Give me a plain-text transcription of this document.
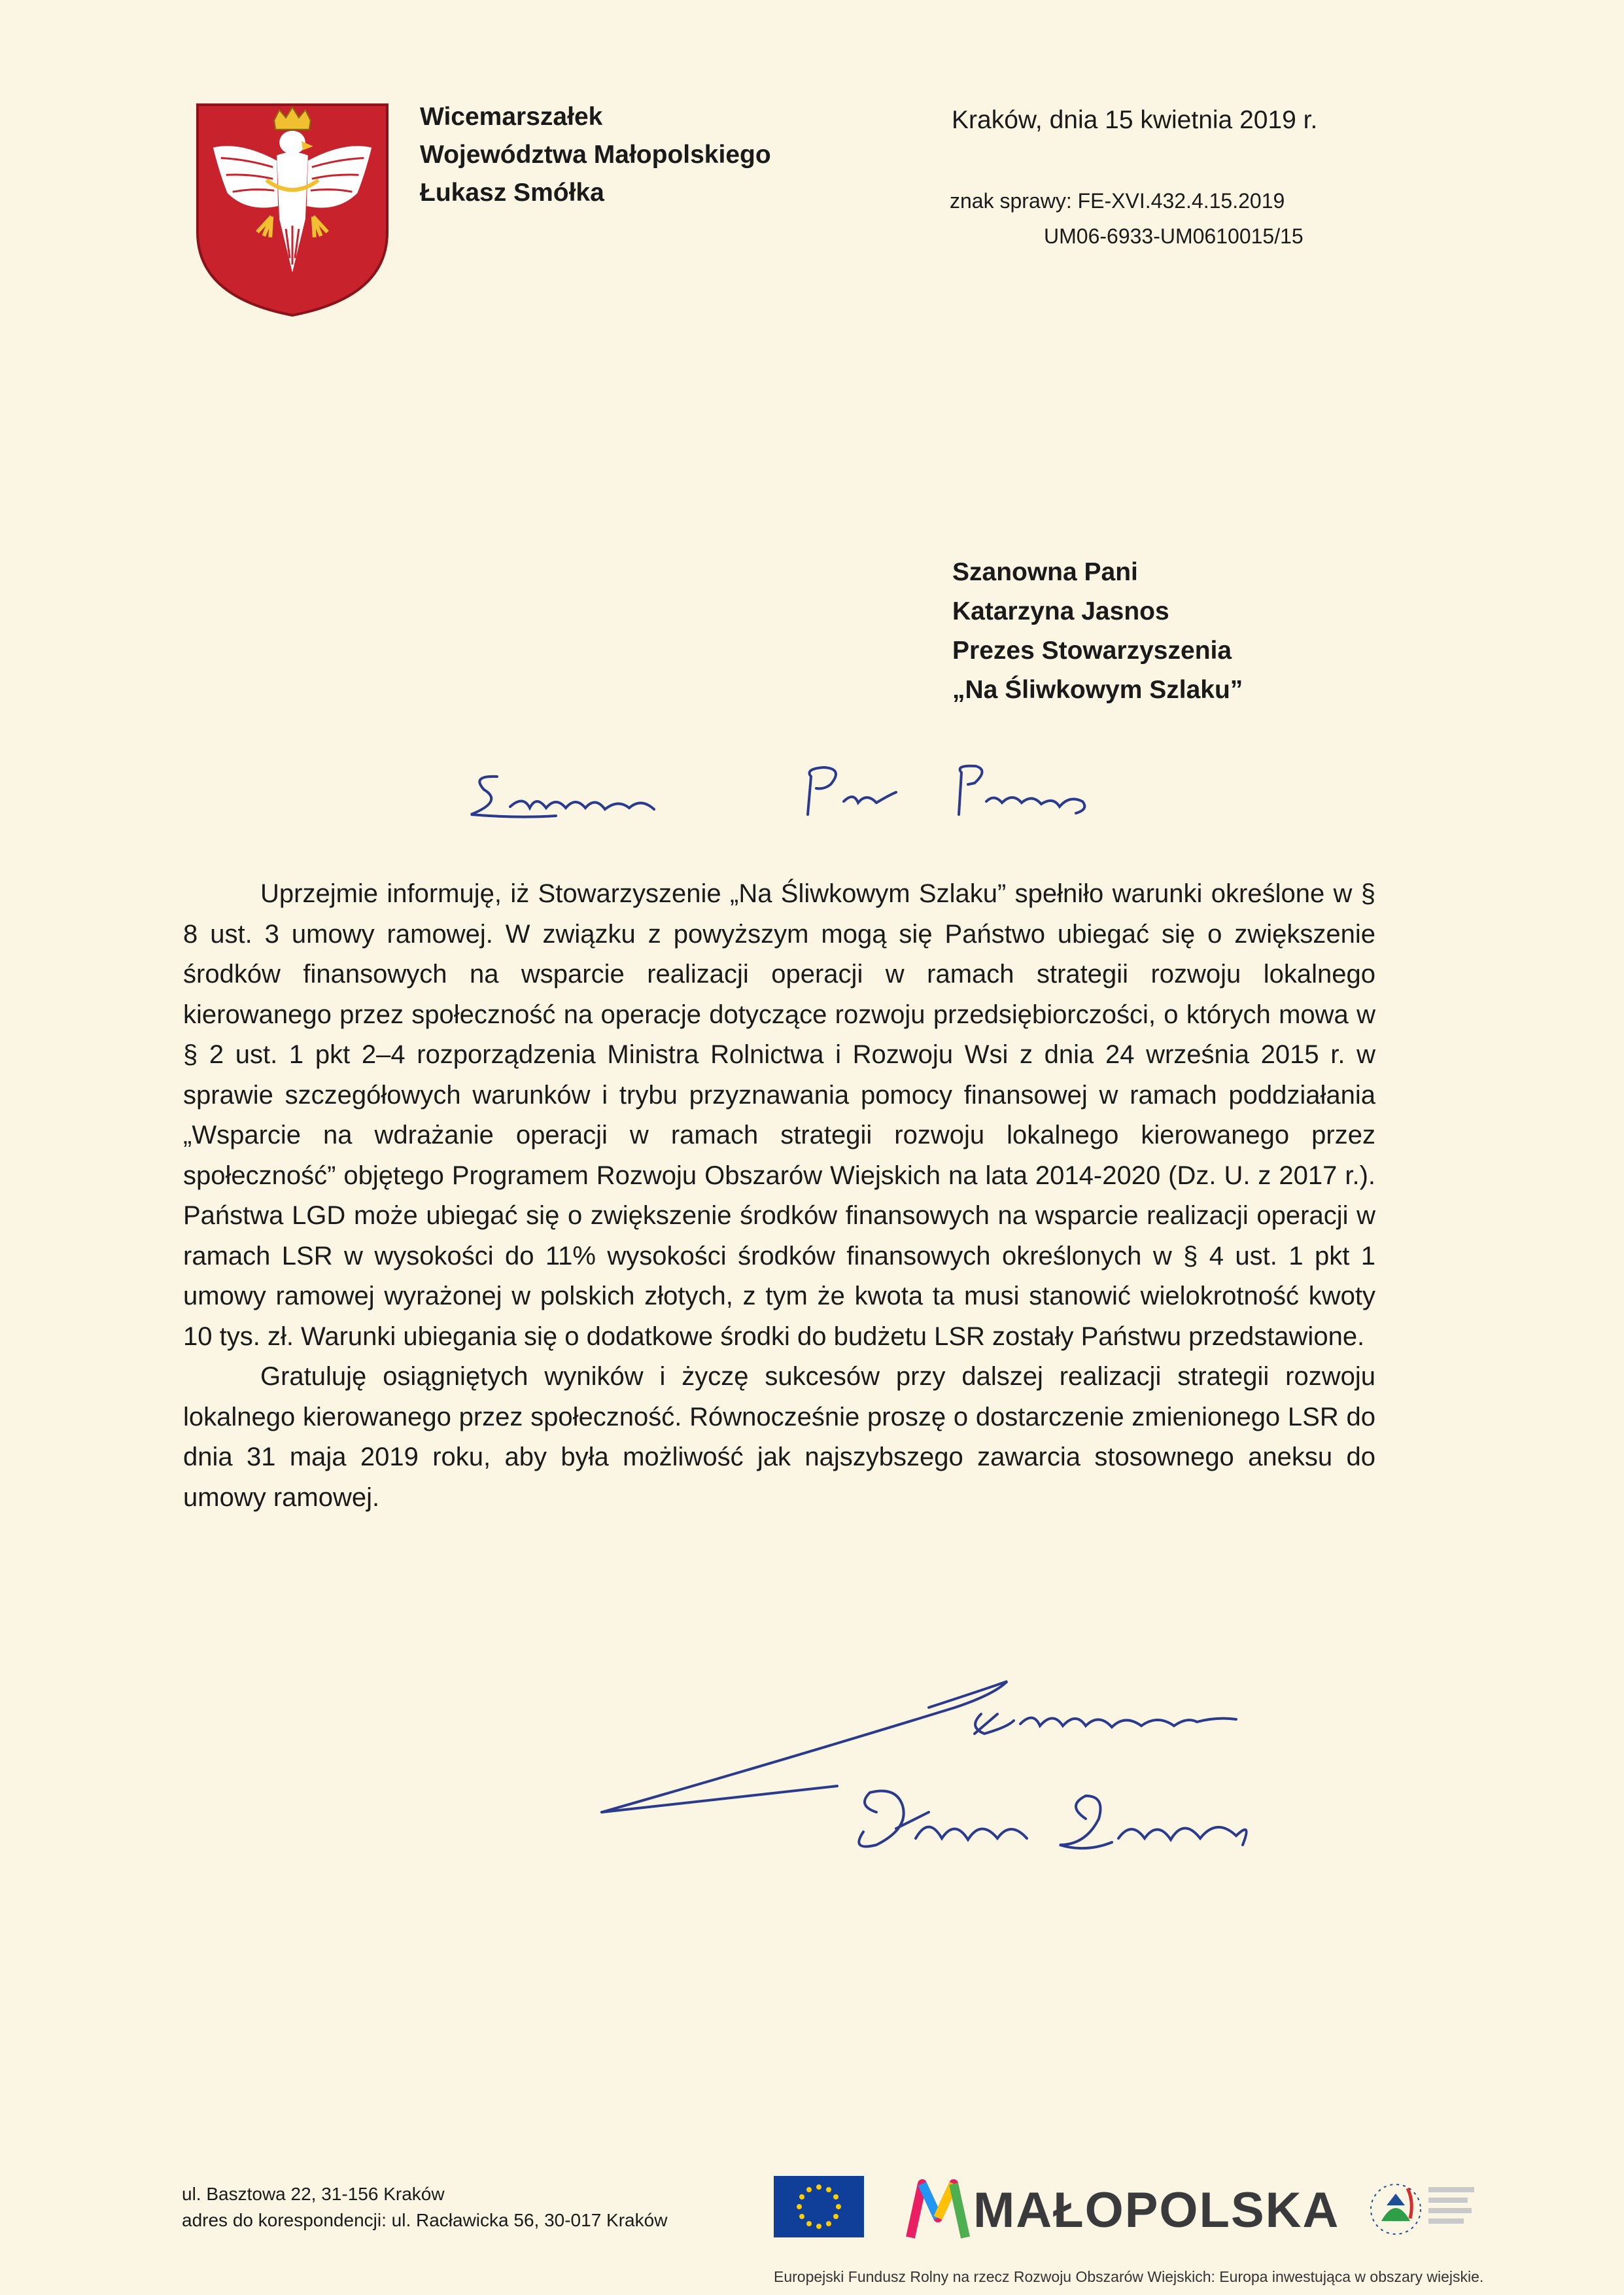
Wicemarszałek
Województwa Małopolskiego
Łukasz Smółka
Kraków, dnia 15 kwietnia 2019 r.
znak sprawy: FE-XVI.432.4.15.2019
UM06-6933-UM0610015/15
Szanowna Pani
Katarzyna Jasnos
Prezes Stowarzyszenia
„Na Śliwkowym Szlaku”

Uprzejmie informuję, iż Stowarzyszenie „Na Śliwkowym Szlaku” spełniło warunki określone w § 8 ust. 3 umowy ramowej. W związku z powyższym mogą się Państwo ubiegać się o zwiększenie środków finansowych na wsparcie realizacji operacji w ramach strategii rozwoju lokalnego kierowanego przez społeczność na operacje dotyczące rozwoju przedsiębiorczości, o których mowa w § 2 ust. 1 pkt 2–4 rozporządzenia Ministra Rolnictwa i Rozwoju Wsi z dnia 24 września 2015 r. w sprawie szczegółowych warunków i trybu przyznawania pomocy finansowej w ramach poddziałania „Wsparcie na wdrażanie operacji w ramach strategii rozwoju lokalnego kierowanego przez społeczność” objętego Programem Rozwoju Obszarów Wiejskich na lata 2014-2020 (Dz. U. z 2017 r.). Państwa LGD może ubiegać się o zwiększenie środków finansowych na wsparcie realizacji operacji w ramach LSR w wysokości do 11% wysokości środków finansowych określonych w § 4 ust. 1 pkt 1 umowy ramowej wyrażonej w polskich złotych, z tym że kwota ta musi stanowić wielokrotność kwoty 10 tys. zł. Warunki ubiegania się o dodatkowe środki do budżetu LSR zostały Państwu przedstawione.

Gratuluję osiągniętych wyników i życzę sukcesów przy dalszej realizacji strategii rozwoju lokalnego kierowanego przez społeczność. Równocześnie proszę o dostarczenie zmienionego LSR do dnia 31 maja 2019 roku, aby była możliwość jak najszybszego zawarcia stosownego aneksu do umowy ramowej.

ul. Basztowa 22, 31-156 Kraków
adres do korespondencji: ul. Racławicka 56, 30-017 Kraków	MAŁOPOLSKA
Europejski Fundusz Rolny na rzecz Rozwoju Obszarów Wiejskich: Europa inwestująca w obszary wiejskie.
